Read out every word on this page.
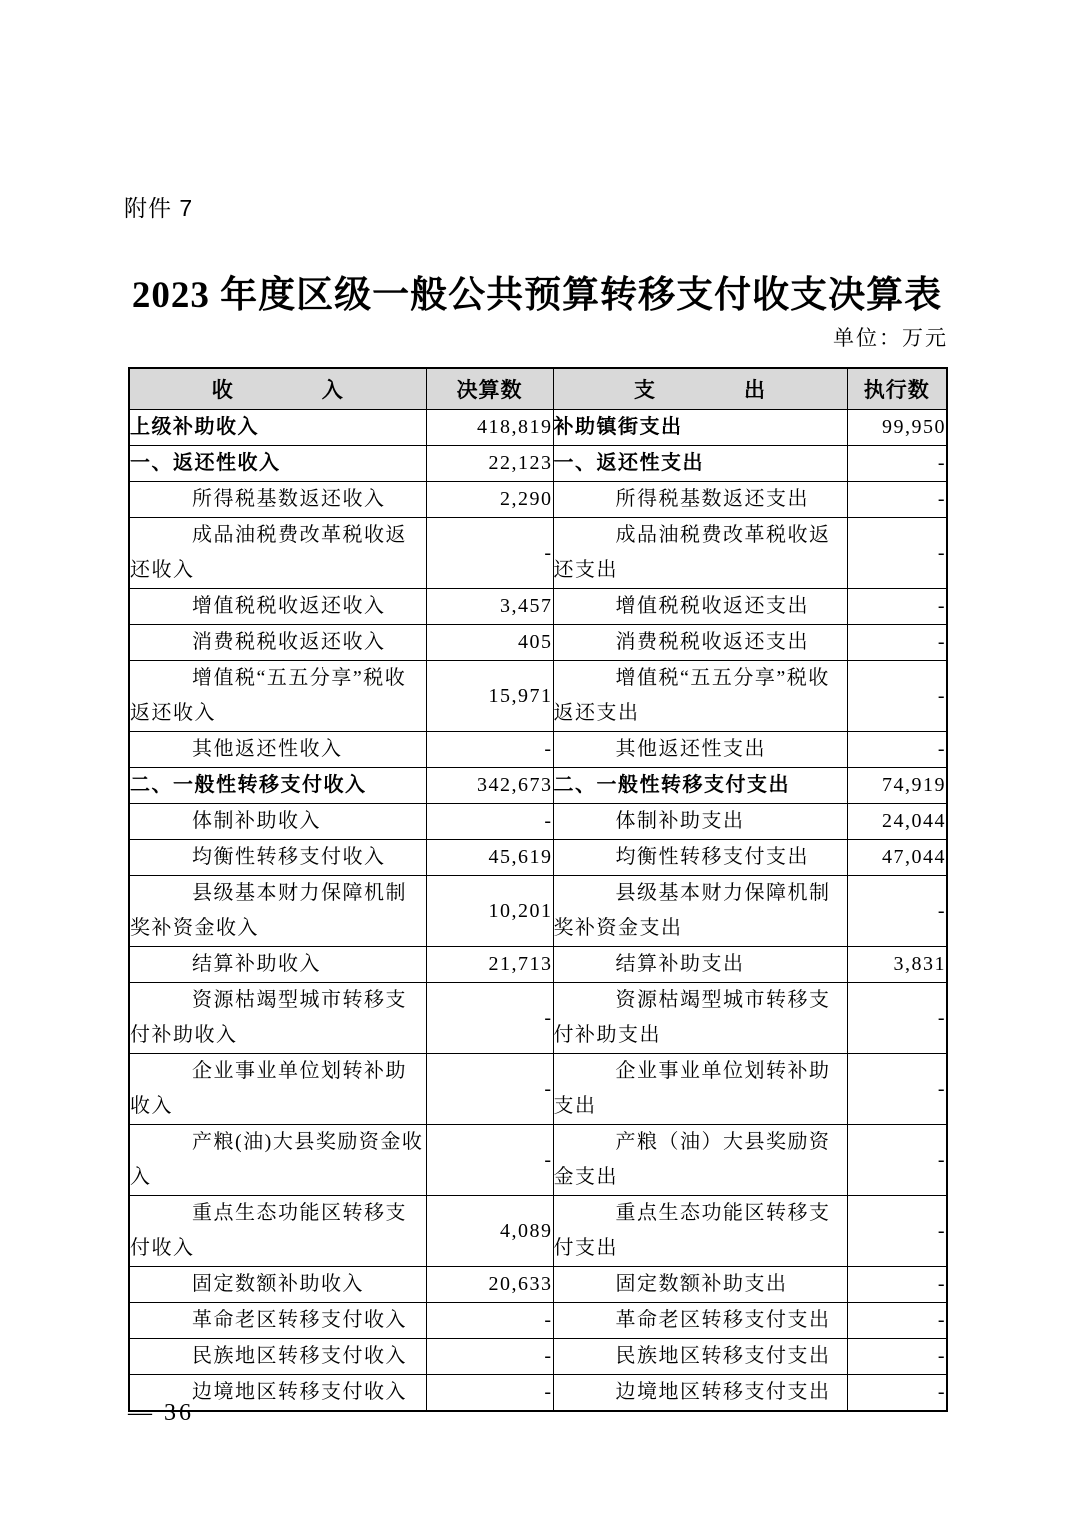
附件 7
2023 年度区级一般公共预算转移支付收支决算表
单位：万元
收　　　　入	决算数	支　　　　出	执行数
上级补助收入	418,819	补助镇街支出	99,950
一、返还性收入	22,123	一、返还性支出	-
所得税基数返还收入	2,290	所得税基数返还支出	-
成品油税费改革税收返还收入	-	成品油税费改革税收返还支出	-
增值税税收返还收入	3,457	增值税税收返还支出	-
消费税税收返还收入	405	消费税税收返还支出	-
增值税“五五分享”税收返还收入	15,971	增值税“五五分享”税收返还支出	-
其他返还性收入	-	其他返还性支出	-
二、一般性转移支付收入	342,673	二、一般性转移支付支出	74,919
体制补助收入	-	体制补助支出	24,044
均衡性转移支付收入	45,619	均衡性转移支付支出	47,044
县级基本财力保障机制奖补资金收入	10,201	县级基本财力保障机制奖补资金支出	-
结算补助收入	21,713	结算补助支出	3,831
资源枯竭型城市转移支付补助收入	-	资源枯竭型城市转移支付补助支出	-
企业事业单位划转补助收入	-	企业事业单位划转补助支出	-
产粮(油)大县奖励资金收入	-	产粮（油）大县奖励资金支出	-
重点生态功能区转移支付收入	4,089	重点生态功能区转移支付支出	-
固定数额补助收入	20,633	固定数额补助支出	-
革命老区转移支付收入	-	革命老区转移支付支出	-
民族地区转移支付收入	-	民族地区转移支付支出	-
边境地区转移支付收入	-	边境地区转移支付支出	-
— 36
